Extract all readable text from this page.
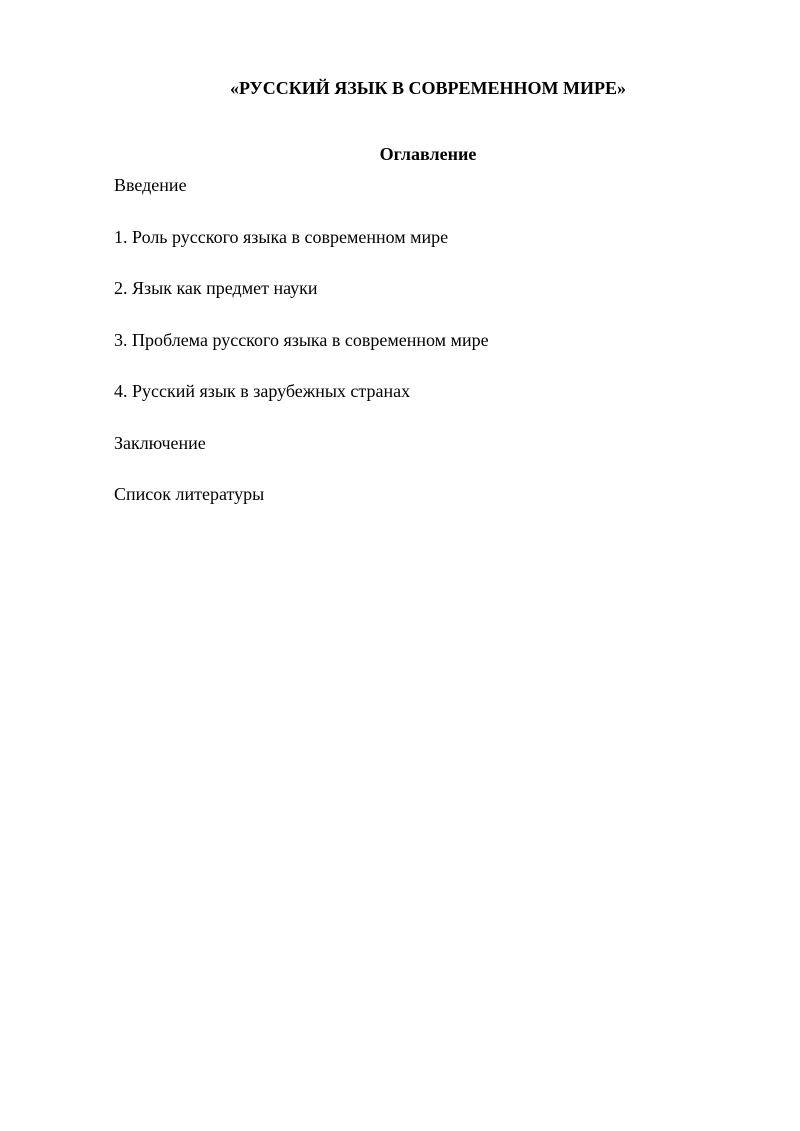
«РУССКИЙ ЯЗЫК В СОВРЕМЕННОМ МИРЕ»
Оглавление
Введение
1. Роль русского языка в современном мире
2. Язык как предмет науки
3. Проблема русского языка в современном мире
4. Русский язык в зарубежных странах
Заключение
Список литературы
